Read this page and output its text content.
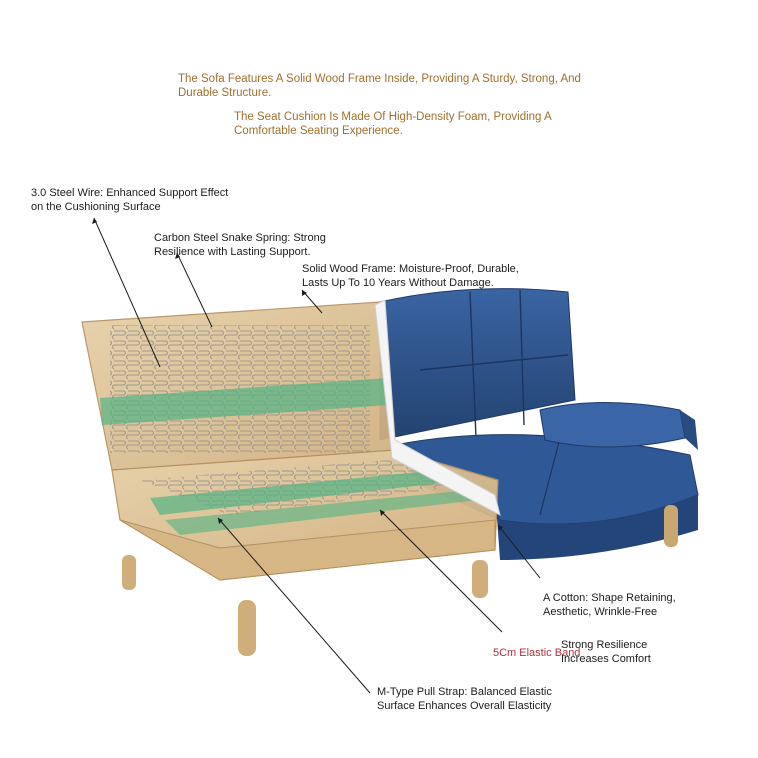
The Sofa Features A Solid Wood Frame Inside, Providing A Sturdy, Strong, And
Durable Structure.
The Seat Cushion Is Made Of High-Density Foam, Providing A
Comfortable Seating Experience.
3.0 Steel Wire: Enhanced Support Effect
on the Cushioning Surface
Carbon Steel Snake Spring: Strong
Resilience with Lasting Support.
Solid Wood Frame: Moisture-Proof, Durable,
Lasts Up To 10 Years Without Damage.
A Cotton: Shape Retaining,
Aesthetic, Wrinkle-Free
5Cm Elastic Band
Strong Resilience
Increases Comfort
M-Type Pull Strap: Balanced Elastic
Surface Enhances Overall Elasticity
